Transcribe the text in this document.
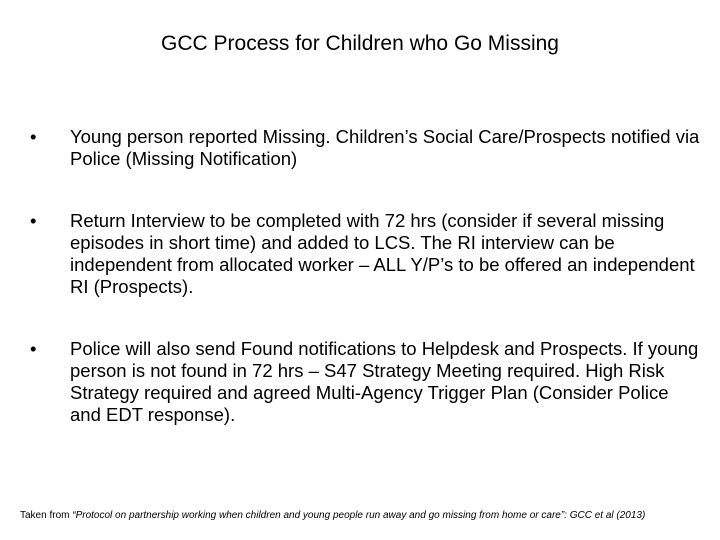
GCC Process for Children who Go Missing
•	Young person reported Missing. Children’s Social Care/Prospects notified via Police (Missing Notification)
•	Return Interview to be completed with 72 hrs (consider if several missing episodes in short time) and added to LCS. The RI interview can be independent from allocated worker – ALL Y/P’s to be offered an independent RI (Prospects).
•	Police will also send Found notifications to Helpdesk and Prospects. If young person is not found in 72 hrs – S47 Strategy Meeting required. High Risk Strategy required and agreed Multi-Agency Trigger Plan (Consider Police and EDT response).

Taken from “Protocol on partnership working when children and young people run away and go missing from home or care”: GCC et al (2013)
